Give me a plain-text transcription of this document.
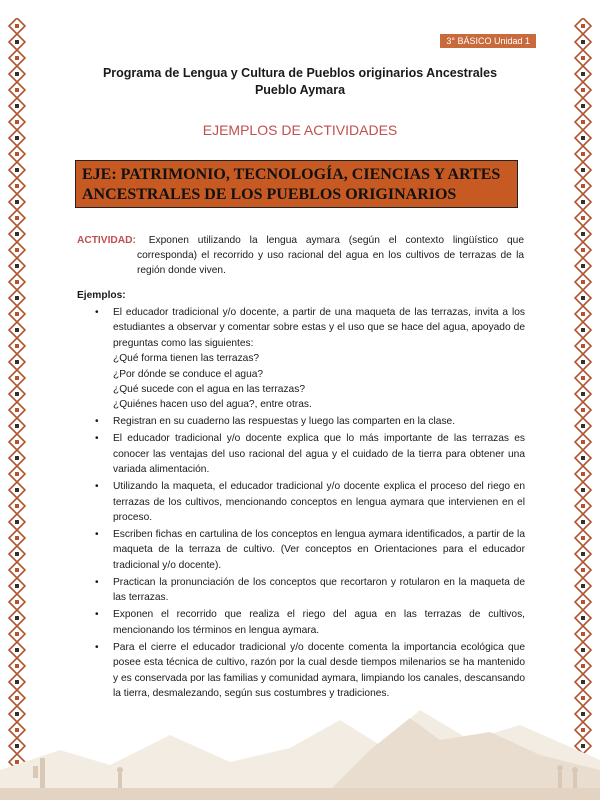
3° BÁSICO Unidad 1
Programa de Lengua y Cultura de Pueblos originarios Ancestrales
Pueblo Aymara
EJEMPLOS DE ACTIVIDADES
EJE: PATRIMONIO, TECNOLOGÍA, CIENCIAS Y ARTES
ANCESTRALES DE LOS PUEBLOS ORIGINARIOS
ACTIVIDAD: Exponen utilizando la lengua aymara (según el contexto lingüístico que corresponda) el recorrido y uso racional del agua en los cultivos de terrazas de la región donde viven.
Ejemplos:
• El educador tradicional y/o docente, a partir de una maqueta de las terrazas, invita a los estudiantes a observar y comentar sobre estas y el uso que se hace del agua, apoyado de preguntas como las siguientes:
¿Qué forma tienen las terrazas?
¿Por dónde se conduce el agua?
¿Qué sucede con el agua en las terrazas?
¿Quiénes hacen uso del agua?, entre otras.
• Registran en su cuaderno las respuestas y luego las comparten en la clase.
• El educador tradicional y/o docente explica que lo más importante de las terrazas es conocer las ventajas del uso racional del agua y el cuidado de la tierra para obtener una variada alimentación.
• Utilizando la maqueta, el educador tradicional y/o docente explica el proceso del riego en terrazas de los cultivos, mencionando conceptos en lengua aymara que intervienen en el proceso.
• Escriben fichas en cartulina de los conceptos en lengua aymara identificados, a partir de la maqueta de la terraza de cultivo. (Ver conceptos en Orientaciones para el educador tradicional y/o docente).
• Practican la pronunciación de los conceptos que recortaron y rotularon en la maqueta de las terrazas.
• Exponen el recorrido que realiza el riego del agua en las terrazas de cultivos, mencionando los términos en lengua aymara.
• Para el cierre el educador tradicional y/o docente comenta la importancia ecológica que posee esta técnica de cultivo, razón por la cual desde tiempos milenarios se ha mantenido y es conservada por las familias y comunidad aymara, limpiando los canales, descansando la tierra, desmalezando, según sus costumbres y tradiciones.
